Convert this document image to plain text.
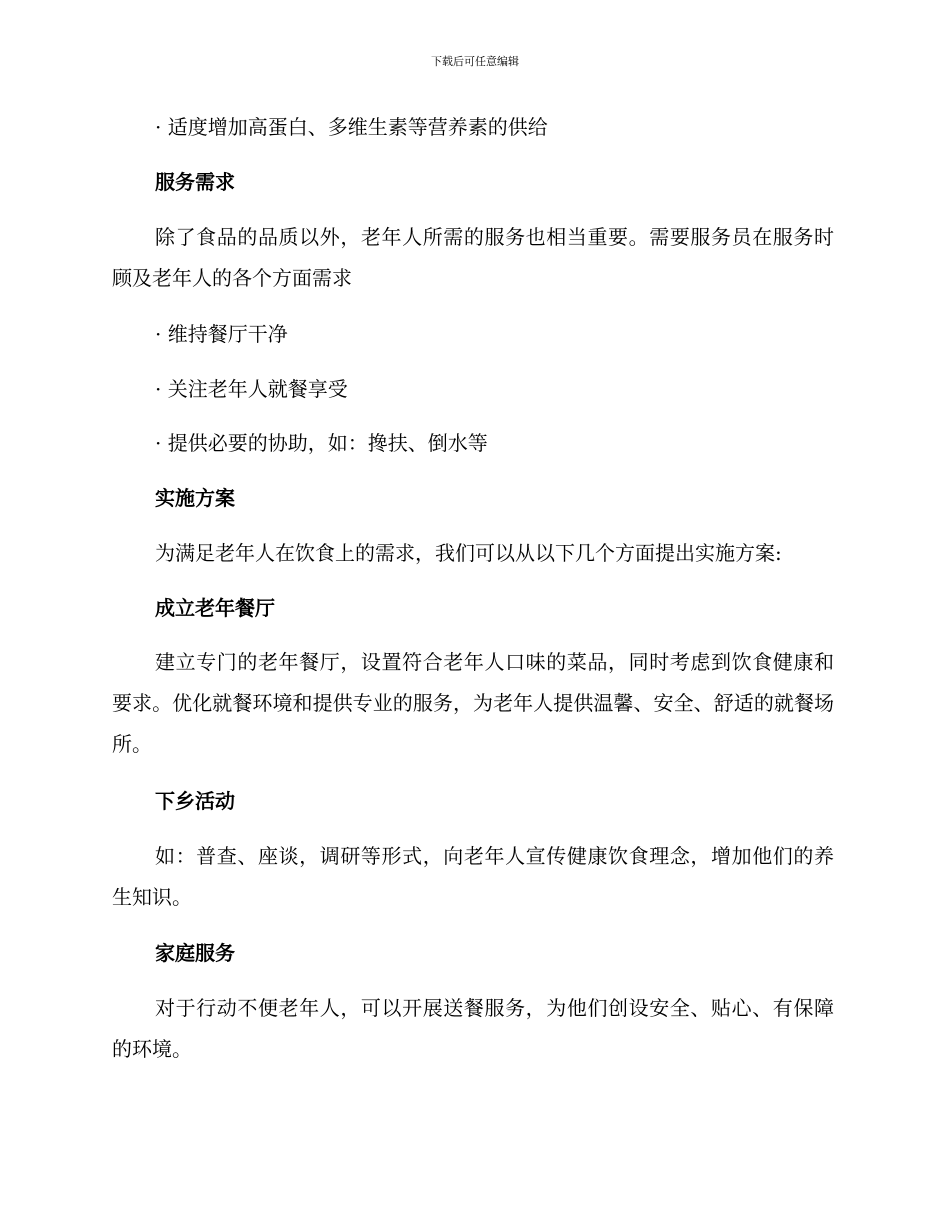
下载后可任意编辑
· 适度增加高蛋白、多维生素等营养素的供给
服务需求
除了食品的品质以外，老年人所需的服务也相当重要。需要服务员在服务时顾及老年人的各个方面需求
· 维持餐厅干净
· 关注老年人就餐享受
· 提供必要的协助，如：搀扶、倒水等
实施方案
为满足老年人在饮食上的需求，我们可以从以下几个方面提出实施方案:
成立老年餐厅
建立专门的老年餐厅，设置符合老年人口味的菜品，同时考虑到饮食健康和要求。优化就餐环境和提供专业的服务，为老年人提供温馨、安全、舒适的就餐场所。
下乡活动
如：普查、座谈，调研等形式，向老年人宣传健康饮食理念，增加他们的养生知识。
家庭服务
对于行动不便老年人，可以开展送餐服务，为他们创设安全、贴心、有保障的环境。
